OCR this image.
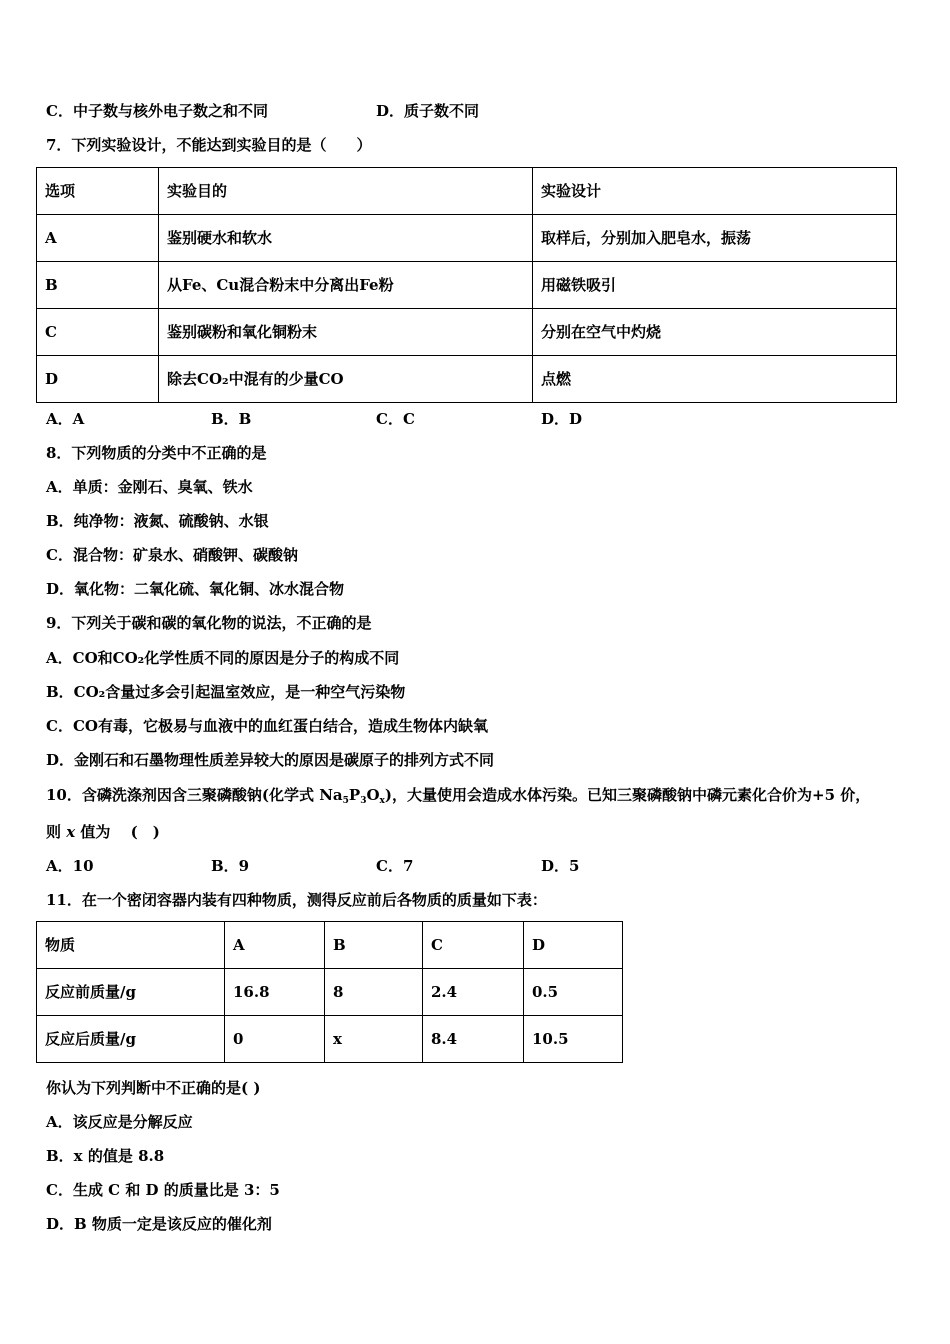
C．中子数与核外电子数之和不同	D．质子数不同
7．下列实验设计，不能达到实验目的是（　　）
选项	实验目的	实验设计
A	鉴别硬水和软水	取样后，分别加入肥皂水，振荡
B	从Fe、Cu混合粉末中分离出Fe粉	用磁铁吸引
C	鉴别碳粉和氧化铜粉末	分别在空气中灼烧
D	除去CO₂中混有的少量CO	点燃
A．A	B．B	C．C	D．D
8．下列物质的分类中不正确的是
A．单质：金刚石、臭氧、铁水
B．纯净物：液氮、硫酸钠、水银
C．混合物：矿泉水、硝酸钾、碳酸钠
D．氧化物：二氧化硫、氧化铜、冰水混合物
9．下列关于碳和碳的氧化物的说法，不正确的是
A．CO和CO₂化学性质不同的原因是分子的构成不同
B．CO₂含量过多会引起温室效应，是一种空气污染物
C．CO有毒，它极易与血液中的血红蛋白结合，造成生物体内缺氧
D．金刚石和石墨物理性质差异较大的原因是碳原子的排列方式不同
10．含磷洗涤剂因含三聚磷酸钠(化学式 $Na_5P_3O_x$)，大量使用会造成水体污染。已知三聚磷酸钠中磷元素化合价为+5 价，
则 x 值为　 (　)
A．10	B．9	C．7	D．5
11．在一个密闭容器内装有四种物质，测得反应前后各物质的质量如下表：
物质	A	B	C	D
反应前质量/g	16.8	8	2.4	0.5
反应后质量/g	0	x	8.4	10.5
你认为下列判断中不正确的是( )
A．该反应是分解反应
B．x 的值是 8.8
C．生成 C 和 D 的质量比是 3：5
D．B 物质一定是该反应的催化剂
